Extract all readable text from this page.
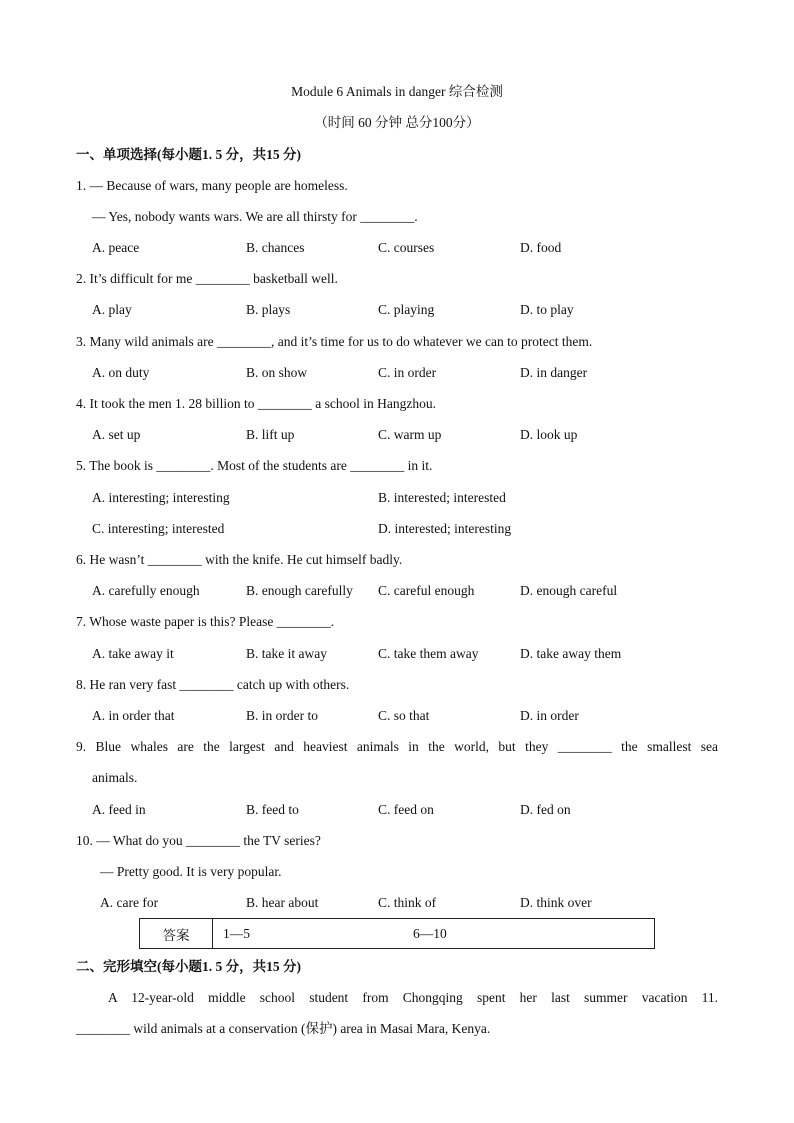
Module 6 Animals in danger 综合检测
（时间 60 分钟 总分100分）
一、单项选择(每小题1. 5 分，共15 分)
1. — Because of wars, many people are homeless.
— Yes, nobody wants wars. We are all thirsty for ________.
A. peace	B. chances	C. courses	D. food
2. It’s difficult for me ________ basketball well.
A. play	B. plays	C. playing	D. to play
3. Many wild animals are ________, and it’s time for us to do whatever we can to protect them.
A. on duty	B. on show	C. in order	D. in danger
4. It took the men 1. 28 billion to ________ a school in Hangzhou.
A. set up	B. lift up	C. warm up	D. look up
5. The book is ________. Most of the students are ________ in it.
A. interesting; interesting	B. interested; interested
C. interesting; interested	D. interested; interesting
6. He wasn’t ________ with the knife. He cut himself badly.
A. carefully enough	B. enough carefully C. careful enough	D. enough careful
7. Whose waste paper is this? Please ________.
A. take away it	B. take it away	C. take them away	D. take away them
8. He ran very fast ________ catch up with others.
A. in order that	B. in order to	C. so that	D. in order
9. Blue whales are the largest and heaviest animals in the world, but they ________ the smallest sea
animals.
A. feed in	B. feed to	C. feed on	D. fed on
10. — What do you ________ the TV series?
— Pretty good. It is very popular.
A. care for	B. hear about	C. think of	D. think over
答案	1—5	6—10
二、完形填空(每小题1. 5 分，共15 分)
A 12-year-old middle school student from Chongqing spent her last summer vacation 11.
________ wild animals at a conservation (保护) area in Masai Mara, Kenya.
